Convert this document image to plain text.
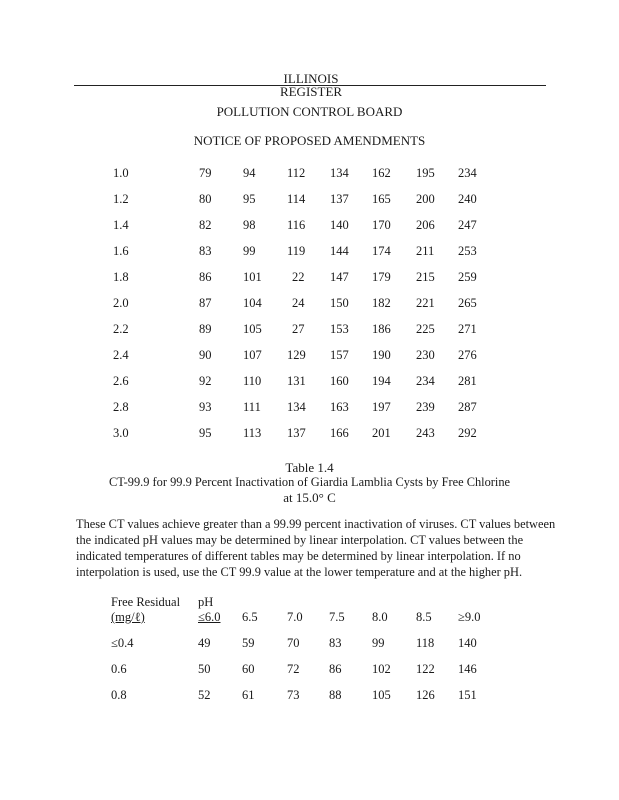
ILLINOIS REGISTER
POLLUTION CONTROL BOARD
NOTICE OF PROPOSED AMENDMENTS
1.0	79	94	112 134 162 195 234
1.2	80	95	114 137 165 200 240
1.4	82	98	116 140 170 206 247
1.6	83	99	119 144 174 211 253
1.8	86	101 22 147 179 215 259
2.0	87	104 24 150 182 221 265
2.2	89	105 27 153 186 225 271
2.4	90	107 129 157 190 230 276
2.6	92	110 131 160 194 234 281
2.8	93	111 134 163 197 239 287
3.0	95	113 137 166 201 243 292
Table 1.4
CT-99.9 for 99.9 Percent Inactivation of Giardia Lamblia Cysts by Free Chlorine
at 15.0° C
These CT values achieve greater than a 99.99 percent inactivation of viruses. CT values between
the indicated pH values may be determined by linear interpolation. CT values between the
indicated temperatures of different tables may be determined by linear interpolation. If no
interpolation is used, use the CT 99.9 value at the lower temperature and at the higher pH.
Free Residual pH
(mg/ℓ)	≤6.0 6.5 7.0 7.5 8.0 8.5 ≥9.0
≤0.4	49	59	70 83 99	118 140
0.6	50	60	72 86 102 122 146
0.8	52	61	73 88 105 126 151
